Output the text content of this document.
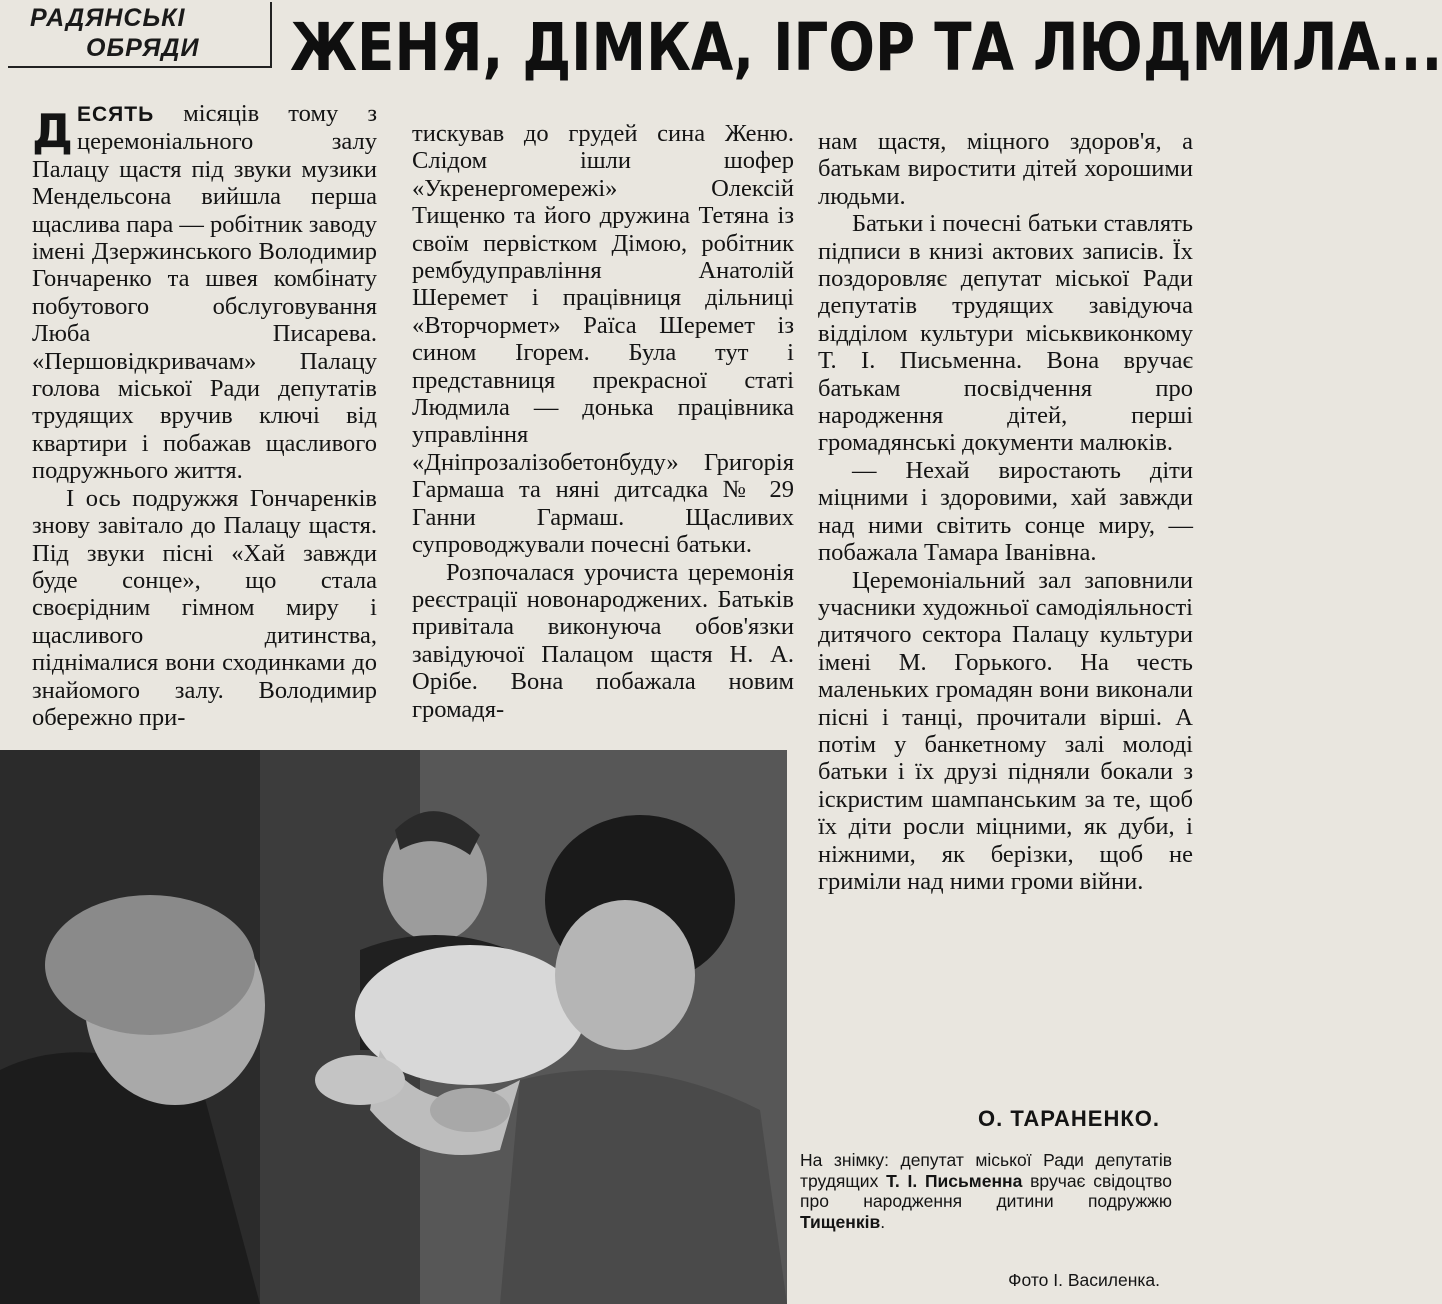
РАДЯНСЬКІ
ОБРЯДИ ЖЕНЯ, ДІМКА, ІГОР ТА ЛЮДМИЛА...

ДЕСЯТЬ місяців тому з церемоніального залу Палацу щастя під звуки музики Мендельсона вийшла перша щаслива пара — робітник заводу імені Дзержинського Володимир Гончаренко та швея комбінату побутового обслуговування Люба Писарева. «Першовідкривачам» Палацу голова міської Ради депутатів трудящих вручив ключі від квартири і побажав щасливого подружнього життя.

І ось подружжя Гончаренків знову завітало до Палацу щастя. Під звуки пісні «Хай завжди буде сонце», що стала своєрідним гімном миру і щасливого дитинства, піднімалися вони сходинками до знайомого залу. Володимир обережно при-

тискував до грудей сина Женю. Слідом ішли шофер «Укренергомережі» Олексій Тищенко та його дружина Тетяна із своїм первістком Дімою, робітник рембудуправління Анатолій Шеремет і працівниця дільниці «Вторчормет» Раїса Шеремет із сином Ігорем. Була тут і представниця прекрасної статі Людмила — донька працівника управління «Дніпрозалізобетонбуду» Григорія Гармаша та няні дитсадка № 29 Ганни Гармаш. Щасливих супроводжували почесні батьки.

Розпочалася урочиста церемонія реєстрації новонароджених. Батьків привітала виконуюча обов'язки завідуючої Палацом щастя Н. А. Орібе. Вона побажала новим громадя-

нам щастя, міцного здоров'я, а батькам виростити дітей хорошими людьми.

Батьки і почесні батьки ставлять підписи в книзі актових записів. Їх поздоровляє депутат міської Ради депутатів трудящих завідуюча відділом культури міськвиконкому Т. І. Письменна. Вона вручає батькам посвідчення про народження дітей, перші громадянські документи малюків.

— Нехай виростають діти міцними і здоровими, хай завжди над ними світить сонце миру, — побажала Тамара Іванівна.

Церемоніальний зал заповнили учасники художньої самодіяльності дитячого сектора Палацу культури імені М. Горького. На честь маленьких громадян вони виконали пісні і танці, прочитали вірші. А потім у банкетному залі молоді батьки і їх друзі підняли бокали з іскристим шампанським за те, щоб їх діти росли міцними, як дуби, і ніжними, як берізки, щоб не гриміли над ними громи війни.

О. ТАРАНЕНКО.

На знімку: депутат міської Ради депутатів трудящих Т. І. Письменна вручає свідоцтво про народження дитини подружжю Тищенків.

Фото І. Василенка.
